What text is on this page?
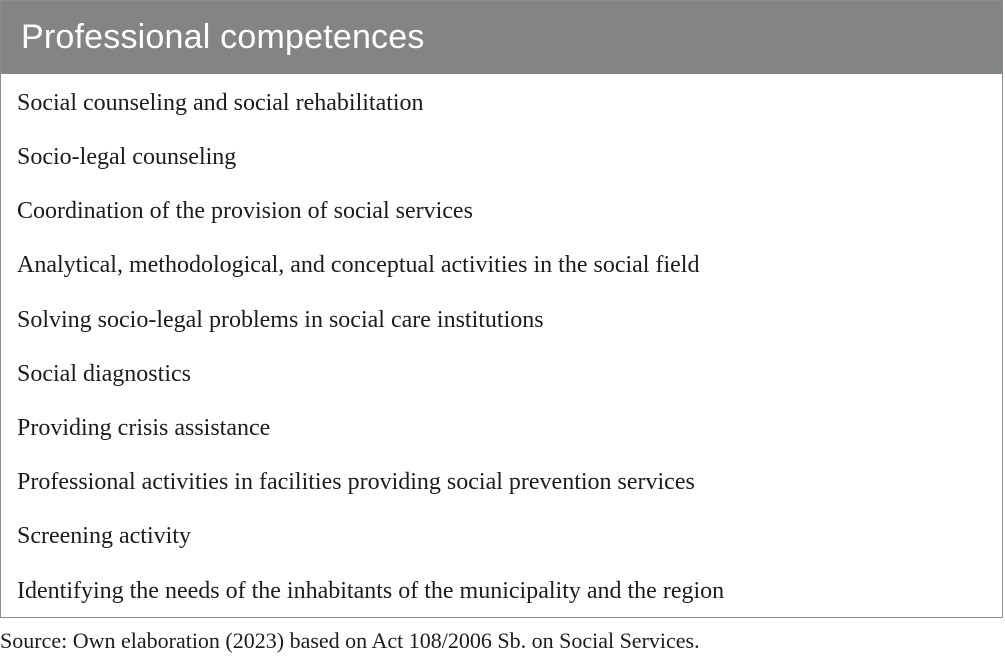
Professional competences
Social counseling and social rehabilitation
Socio-legal counseling
Coordination of the provision of social services
Analytical, methodological, and conceptual activities in the social field
Solving socio-legal problems in social care institutions
Social diagnostics
Providing crisis assistance
Professional activities in facilities providing social prevention services
Screening activity
Identifying the needs of the inhabitants of the municipality and the region
Source: Own elaboration (2023) based on Act 108/2006 Sb. on Social Services.
